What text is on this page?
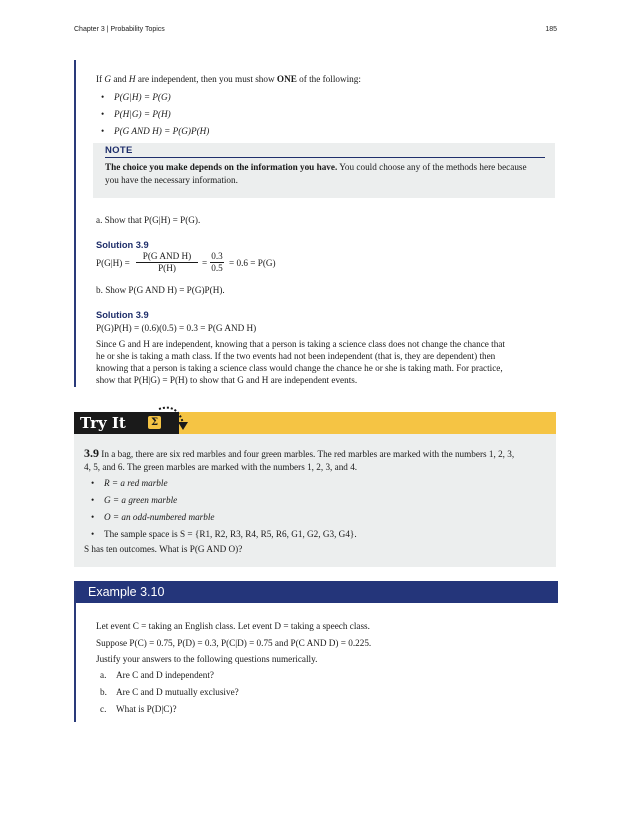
Chapter 3 | Probability Topics	185
If G and H are independent, then you must show ONE of the following:
• P(G|H) = P(G)
• P(H|G) = P(H)
• P(G AND H) = P(G)P(H)
NOTE
The choice you make depends on the information you have. You could choose any of the methods here because you have the necessary information.
a. Show that P(G|H) = P(G).
Solution 3.9
P(G|H) =
P(G AND H)
P(H)	= $\frac{0.3}{0.5} = 0.6 = P(G)$
b. Show P(G AND H) = P(G)P(H).
Solution 3.9
P(G)P(H) = (0.6)(0.5) = 0.3 = P(G AND H)
Since G and H are independent, knowing that a person is taking a science class does not change the chance that
he or she is taking a math class. If the two events had not been independent (that is, they are dependent) then
knowing that a person is taking a science class would change the chance he or she is taking math. For practice,
show that P(H|G) = P(H) to show that G and H are independent events.
Try It	Σ
3.9 In a bag, there are six red marbles and four green marbles. The red marbles are marked with the numbers 1, 2, 3,
4, 5, and 6. The green marbles are marked with the numbers 1, 2, 3, and 4.
• R = a red marble
• G = a green marble
• O = an odd-numbered marble
• The sample space is S = {R1, R2, R3, R4, R5, R6, G1, G2, G3, G4}.
S has ten outcomes. What is P(G AND O)?
Example 3.10
Let event C = taking an English class. Let event D = taking a speech class.
Suppose P(C) = 0.75, P(D) = 0.3, P(C|D) = 0.75 and P(C AND D) = 0.225.
Justify your answers to the following questions numerically.
a. Are C and D independent?
b. Are C and D mutually exclusive?
c. What is P(D|C)?
